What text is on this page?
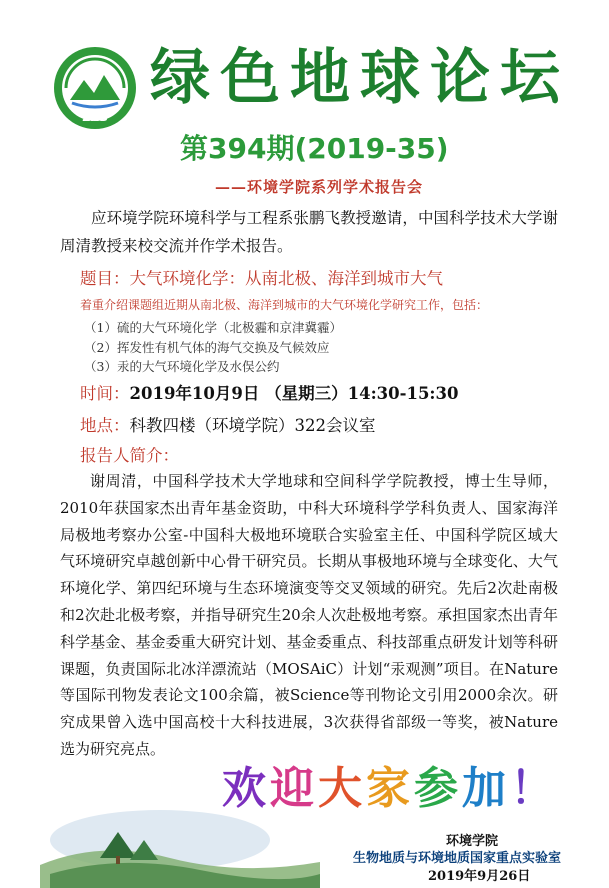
ZHB
绿色地球论坛
第394期(2019-35)
——环境学院系列学术报告会
应环境学院环境科学与工程系张鹏飞教授邀请，中国科学技术大学谢周清教授来校交流并作学术报告。
题目：大气环境化学：从南北极、海洋到城市大气
着重介绍课题组近期从南北极、海洋到城市的大气环境化学研究工作，包括：
（1）硫的大气环境化学（北极霾和京津冀霾）
（2）挥发性有机气体的海气交换及气候效应
（3）汞的大气环境化学及水俣公约
时间：2019年10月9日 （星期三）14:30-15:30
地点：科教四楼（环境学院）322会议室
报告人简介：
谢周清，中国科学技术大学地球和空间科学学院教授，博士生导师，2010年获国家杰出青年基金资助，中科大环境科学学科负责人、国家海洋局极地考察办公室-中国科大极地环境联合实验室主任、中国科学院区域大气环境研究卓越创新中心骨干研究员。长期从事极地环境与全球变化、大气环境化学、第四纪环境与生态环境演变等交叉领域的研究。先后2次赴南极和2次赴北极考察，并指导研究生20余人次赴极地考察。承担国家杰出青年科学基金、基金委重大研究计划、基金委重点、科技部重点研发计划等科研课题，负责国际北冰洋漂流站（MOSAiC）计划“汞观测”项目。在Nature等国际刊物发表论文100余篇，被Science等刊物论文引用2000余次。研究成果曾入选中国高校十大科技进展，3次获得省部级一等奖，被Nature选为研究亮点。
欢迎大家参加！
环境学院
生物地质与环境地质国家重点实验室
2019年9月26日
